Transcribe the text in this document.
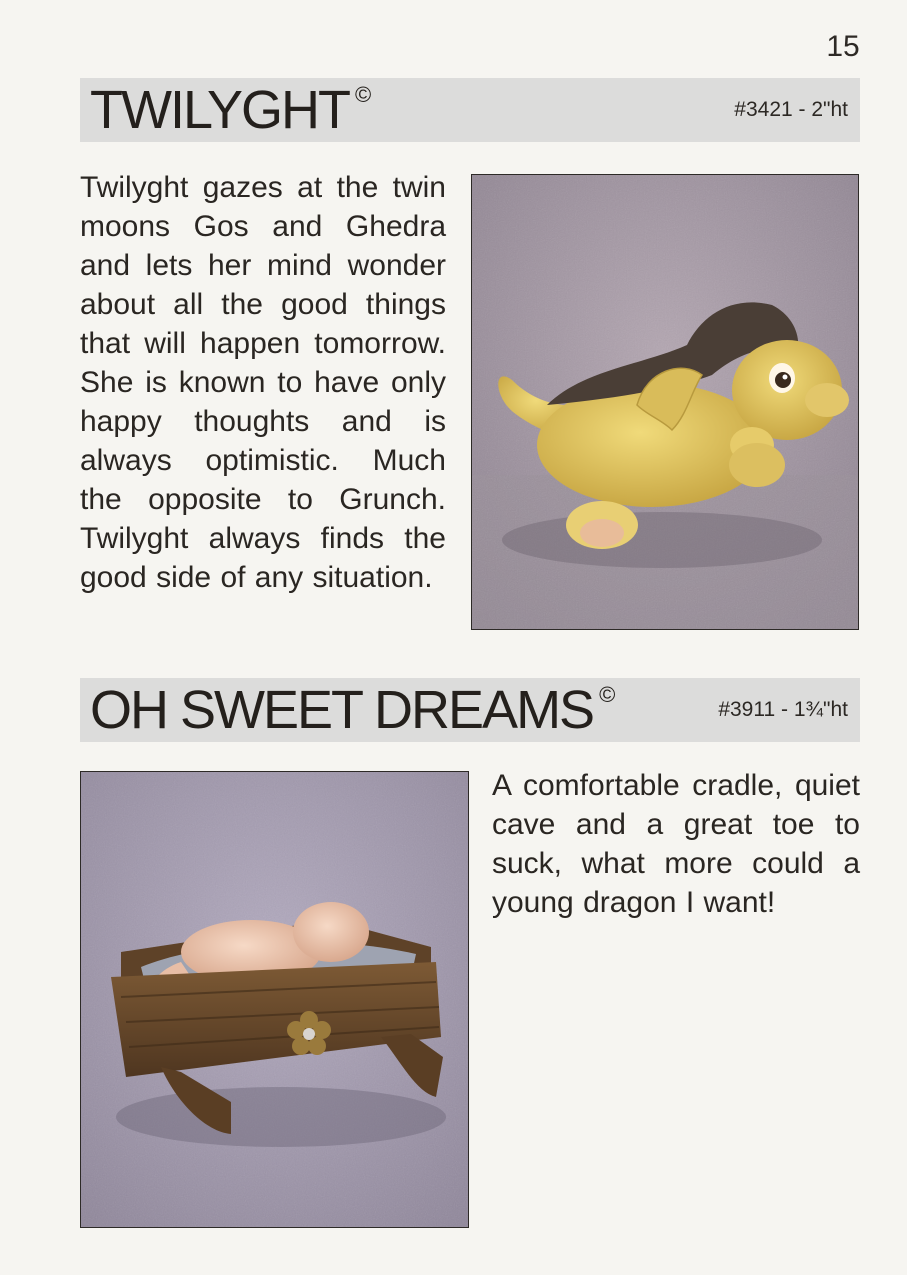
15
TWILYGHT ©
#3421 - 2"ht
Twilyght gazes at the twin moons Gos and Ghedra and lets her mind wonder about all the good things that will happen tomorrow. She is known to have only happy thoughts and is always optimistic. Much the opposite to Grunch. Twilyght always finds the good side of any situation.
OH SWEET DREAMS ©
#3911 - 1¾"ht
A comfortable cradle, quiet cave and a great toe to suck, what more could a young dragon I want!
